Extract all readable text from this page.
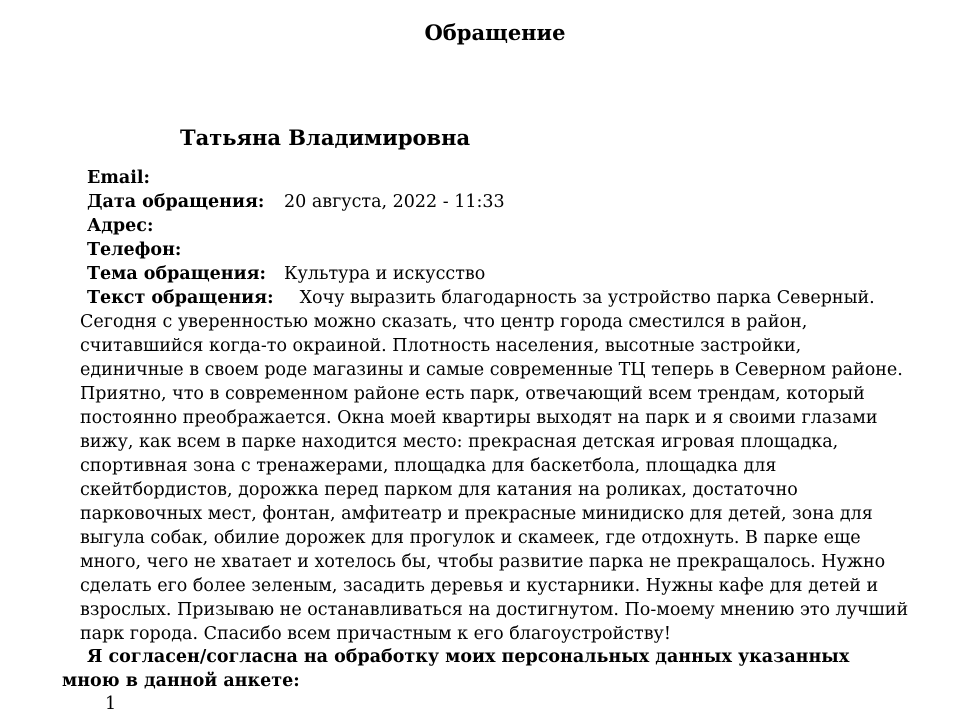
Обращение
Татьяна Владимировна
Email:
Дата обращения: 20 августа, 2022 - 11:33
Адрес:
Телефон:
Тема обращения: Культура и искусство
Текст обращения: Хочу выразить благодарность за устройство парка Северный. Сегодня с уверенностью можно сказать, что центр города сместился в район, считавшийся когда-то окраиной. Плотность населения, высотные застройки, единичные в своем роде магазины и самые современные ТЦ теперь в Северном районе. Приятно, что в современном районе есть парк, отвечающий всем трендам, который постоянно преображается. Окна моей квартиры выходят на парк и я своими глазами вижу, как всем в парке находится место: прекрасная детская игровая площадка, спортивная зона с тренажерами, площадка для баскетбола, площадка для скейтбордистов, дорожка перед парком для катания на роликах, достаточно парковочных мест, фонтан, амфитеатр и прекрасные минидиско для детей, зона для выгула собак, обилие дорожек для прогулок и скамеек, где отдохнуть. В парке еще много, чего не хватает и хотелось бы, чтобы развитие парка не прекращалось. Нужно сделать его более зеленым, засадить деревья и кустарники. Нужны кафе для детей и взрослых. Призываю не останавливаться на достигнутом. По-моему мнению это лучший парк города. Спасибо всем причастным к его благоустройству!
Я согласен/согласна на обработку моих персональных данных указанных мною в данной анкете:
1
